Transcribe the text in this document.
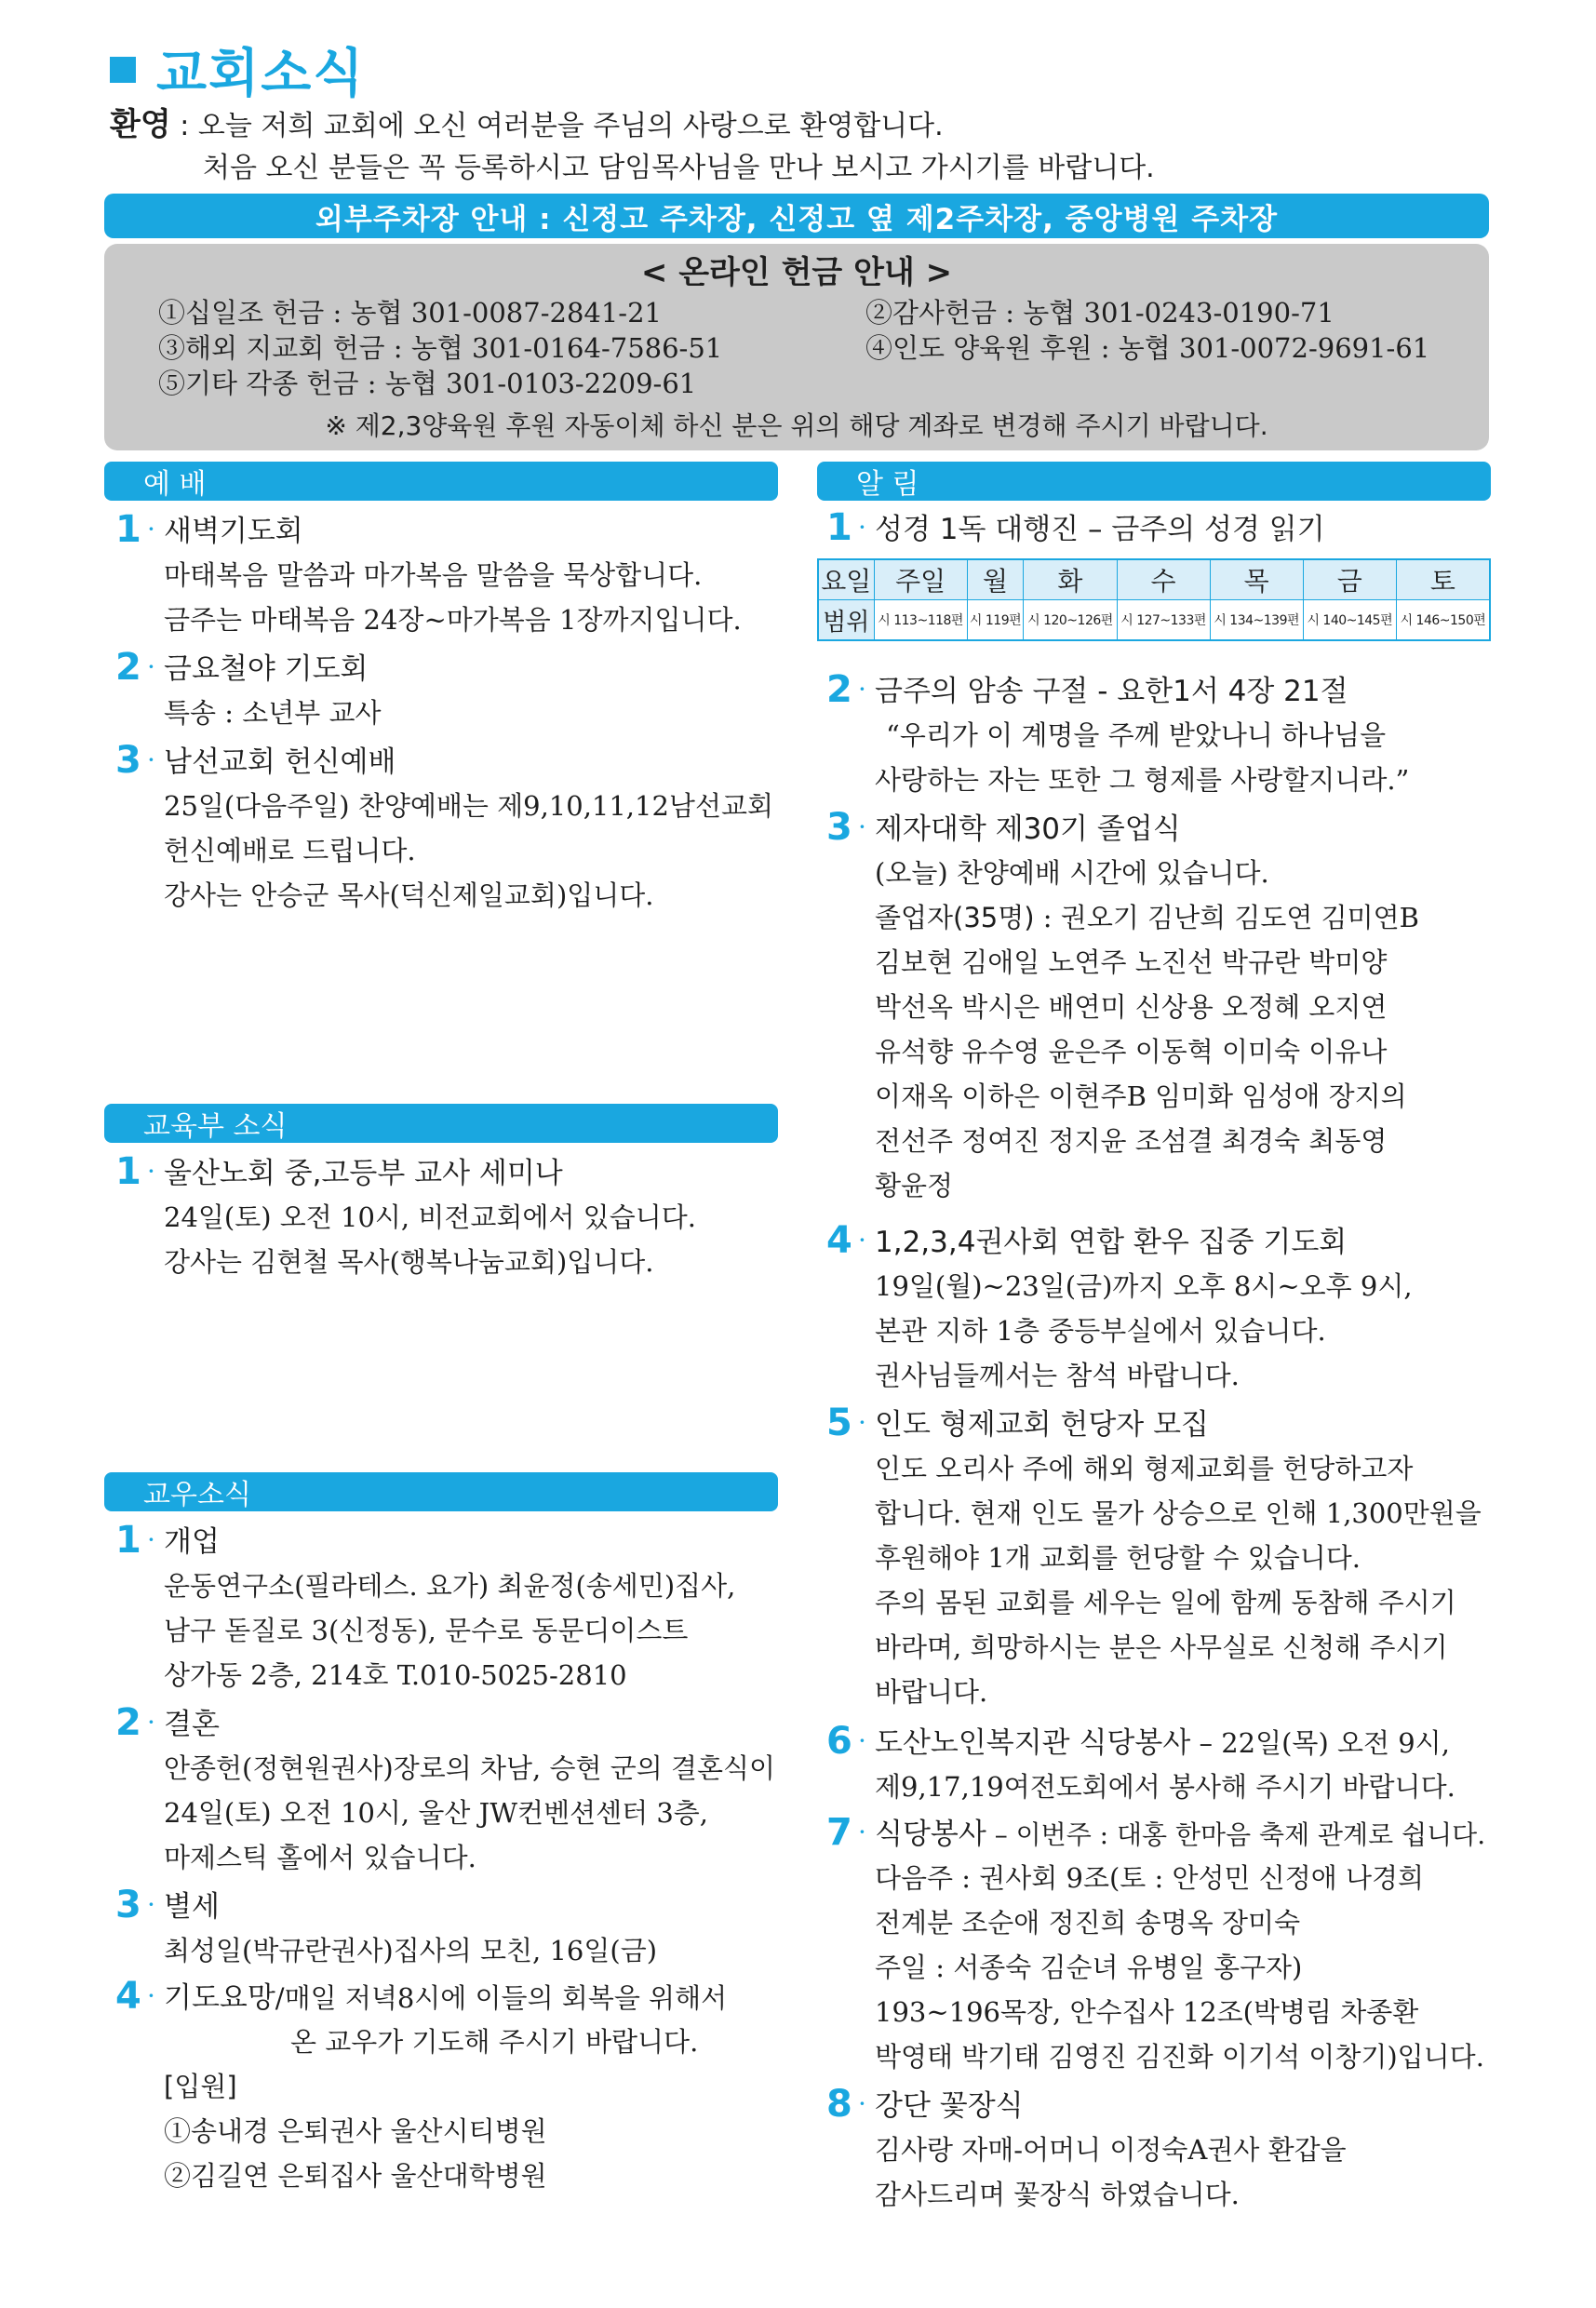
교회소식
환영 : 오늘 저희 교회에 오신 여러분을 주님의 사랑으로 환영합니다.
처음 오신 분들은 꼭 등록하시고 담임목사님을 만나 보시고 가시기를 바랍니다.
외부주차장 안내 : 신정고 주차장, 신정고 옆 제2주차장, 중앙병원 주차장
< 온라인 헌금 안내 >
①십일조 헌금 : 농협 301-0087-2841-21	②감사헌금 : 농협 301-0243-0190-71
③해외 지교회 헌금 : 농협 301-0164-7586-51	④인도 양육원 후원 : 농협 301-0072-9691-61
⑤기타 각종 헌금 : 농협 301-0103-2209-61
※ 제2,3양육원 후원 자동이체 하신 분은 위의 해당 계좌로 변경해 주시기 바랍니다.
예 배
1 · 새벽기도회
마태복음 말씀과 마가복음 말씀을 묵상합니다.
금주는 마태복음 24장~마가복음 1장까지입니다.
2 · 금요철야 기도회
특송 : 소년부 교사
3 · 남선교회 헌신예배
25일(다음주일) 찬양예배는 제9,10,11,12남선교회
헌신예배로 드립니다.
강사는 안승군 목사(덕신제일교회)입니다.
교육부 소식
1 · 울산노회 중,고등부 교사 세미나
24일(토) 오전 10시, 비전교회에서 있습니다.
강사는 김현철 목사(행복나눔교회)입니다.
교우소식
1 · 개업
운동연구소(필라테스. 요가) 최윤정(송세민)집사,
남구 돋질로 3(신정동), 문수로 동문디이스트
상가동 2층, 214호 T.010-5025-2810
2 · 결혼
안종헌(정현원권사)장로의 차남, 승현 군의 결혼식이
24일(토) 오전 10시, 울산 JW컨벤션센터 3층,
마제스틱 홀에서 있습니다.
3 · 별세
최성일(박규란권사)집사의 모친, 16일(금)
4 · 기도요망/매일 저녁8시에 이들의 회복을 위해서
온 교우가 기도해 주시기 바랍니다.
[입원]
①송내경 은퇴권사 울산시티병원
②김길연 은퇴집사 울산대학병원
알 림
1 · 성경 1독 대행진 – 금주의 성경 읽기
요일	주일	월	화	수	목	금	토
범위	시 113~118편	시 119편	시 120~126편	시 127~133편	시 134~139편	시 140~145편	시 146~150편
2 · 금주의 암송 구절 - 요한1서 4장 21절
“우리가 이 계명을 주께 받았나니 하나님을
사랑하는 자는 또한 그 형제를 사랑할지니라.”
3 · 제자대학 제30기 졸업식
(오늘) 찬양예배 시간에 있습니다.
졸업자(35명) : 권오기 김난희 김도연 김미연B
김보현 김애일 노연주 노진선 박규란 박미양
박선옥 박시은 배연미 신상용 오정혜 오지연
유석향 유수영 윤은주 이동혁 이미숙 이유나
이재옥 이하은 이현주B 임미화 임성애 장지의
전선주 정여진 정지윤 조섬결 최경숙 최동영
황윤정
4 · 1,2,3,4권사회 연합 환우 집중 기도회
19일(월)~23일(금)까지 오후 8시~오후 9시,
본관 지하 1층 중등부실에서 있습니다.
권사님들께서는 참석 바랍니다.
5 · 인도 형제교회 헌당자 모집
인도 오리사 주에 해외 형제교회를 헌당하고자
합니다. 현재 인도 물가 상승으로 인해 1,300만원을
후원해야 1개 교회를 헌당할 수 있습니다.
주의 몸된 교회를 세우는 일에 함께 동참해 주시기
바라며, 희망하시는 분은 사무실로 신청해 주시기
바랍니다.
6 · 도산노인복지관 식당봉사 – 22일(목) 오전 9시,
제9,17,19여전도회에서 봉사해 주시기 바랍니다.
7 · 식당봉사 – 이번주 : 대홍 한마음 축제 관계로 쉽니다.
다음주 : 권사회 9조(토 : 안성민 신정애 나경희
전계분 조순애 정진희 송명옥 장미숙
주일 : 서종숙 김순녀 유병일 홍구자)
193~196목장, 안수집사 12조(박병림 차종환
박영태 박기태 김영진 김진화 이기석 이창기)입니다.
8 · 강단 꽃장식
김사랑 자매-어머니 이정숙A권사 환갑을
감사드리며 꽃장식 하였습니다.
